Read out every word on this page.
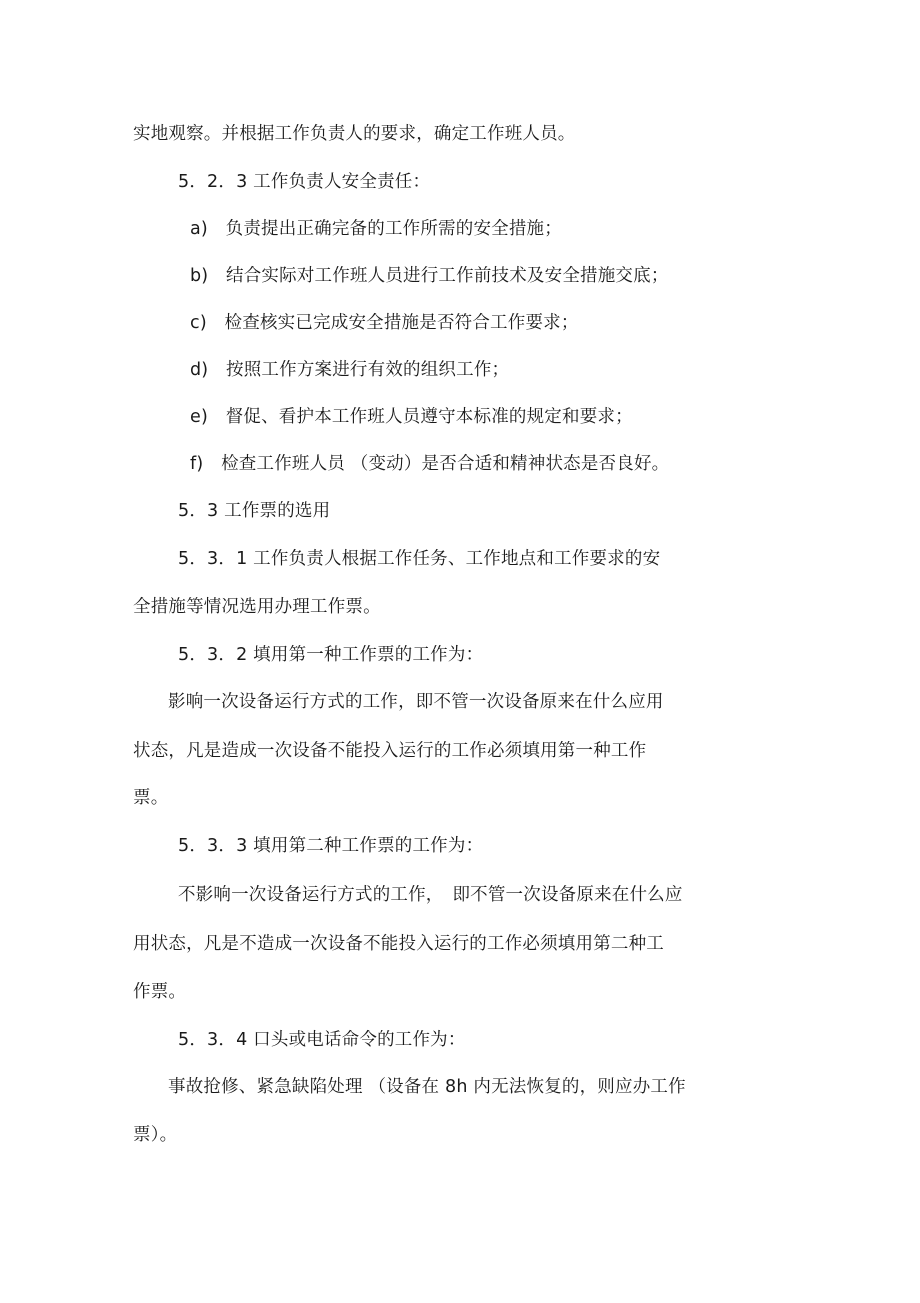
实地观察。并根据工作负责人的要求，确定工作班人员。
5．2．3 工作负责人安全责任：
a)　负责提出正确完备的工作所需的安全措施；
b)　结合实际对工作班人员进行工作前技术及安全措施交底；
c)　检查核实已完成安全措施是否符合工作要求；
d)　按照工作方案进行有效的组织工作；
e)　督促、看护本工作班人员遵守本标准的规定和要求；
f)　检查工作班人员 （变动）是否合适和精神状态是否良好。
5．3 工作票的选用
5．3．1 工作负责人根据工作任务、工作地点和工作要求的安
全措施等情况选用办理工作票。
5．3．2 填用第一种工作票的工作为：
影响一次设备运行方式的工作，即不管一次设备原来在什么应用
状态，凡是造成一次设备不能投入运行的工作必须填用第一种工作
票。
5．3．3 填用第二种工作票的工作为：
不影响一次设备运行方式的工作，　即不管一次设备原来在什么应
用状态，凡是不造成一次设备不能投入运行的工作必须填用第二种工
作票。
5．3．4 口头或电话命令的工作为：
事故抢修、紧急缺陷处理 （设备在 8h 内无法恢复的，则应办工作
票）。
